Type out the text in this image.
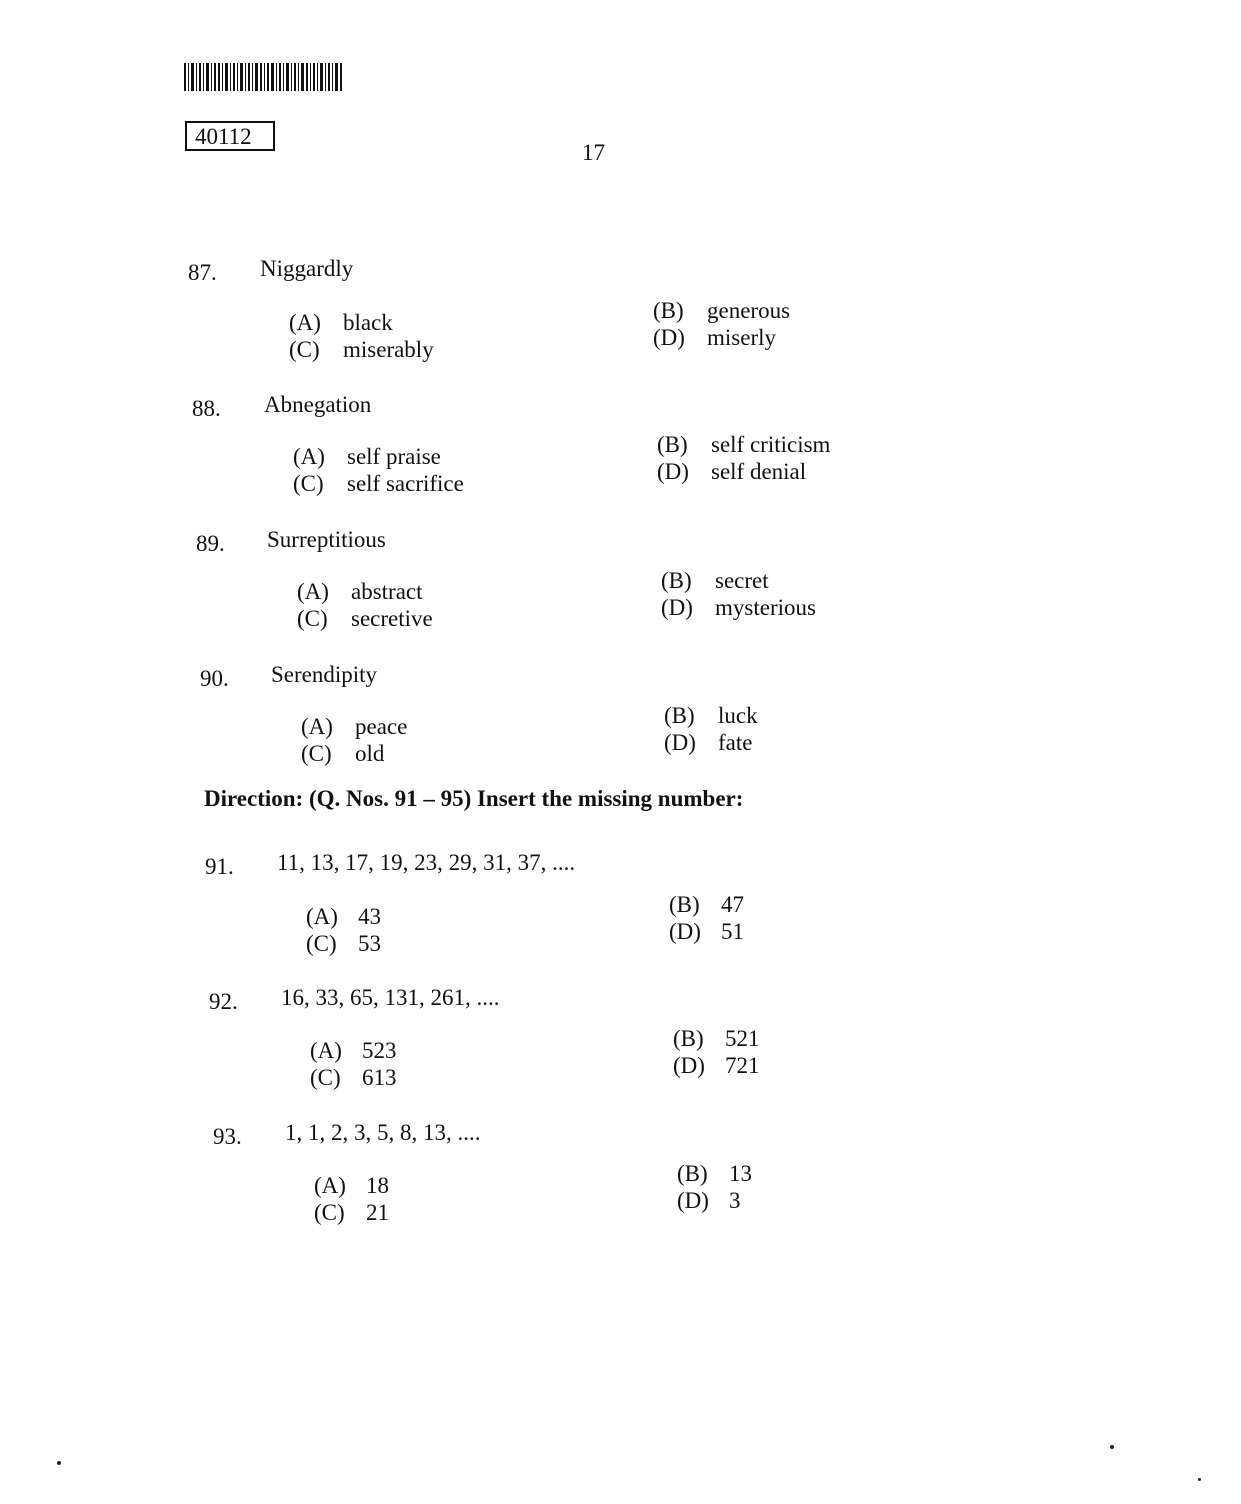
40112
17
87. Niggardly
(A) black	(B) generous
(C) miserably	(D) miserly
88. Abnegation
(A) self praise	(B) self criticism
(C) self sacrifice	(D) self denial
89. Surreptitious
(A) abstract	(B) secret
(C) secretive	(D) mysterious
90. Serendipity
(A) peace	(B) luck
(C) old	(D) fate
Direction: (Q. Nos. 91 – 95) Insert the missing number:
91. 11, 13, 17, 19, 23, 29, 31, 37, ....
(A) 43	(B) 47
(C) 53	(D) 51
92. 16, 33, 65, 131, 261, ....
(A) 523	(B) 521
(C) 613	(D) 721
93. 1, 1, 2, 3, 5, 8, 13, ....
(A) 18	(B) 13
(C) 21	(D) 3
